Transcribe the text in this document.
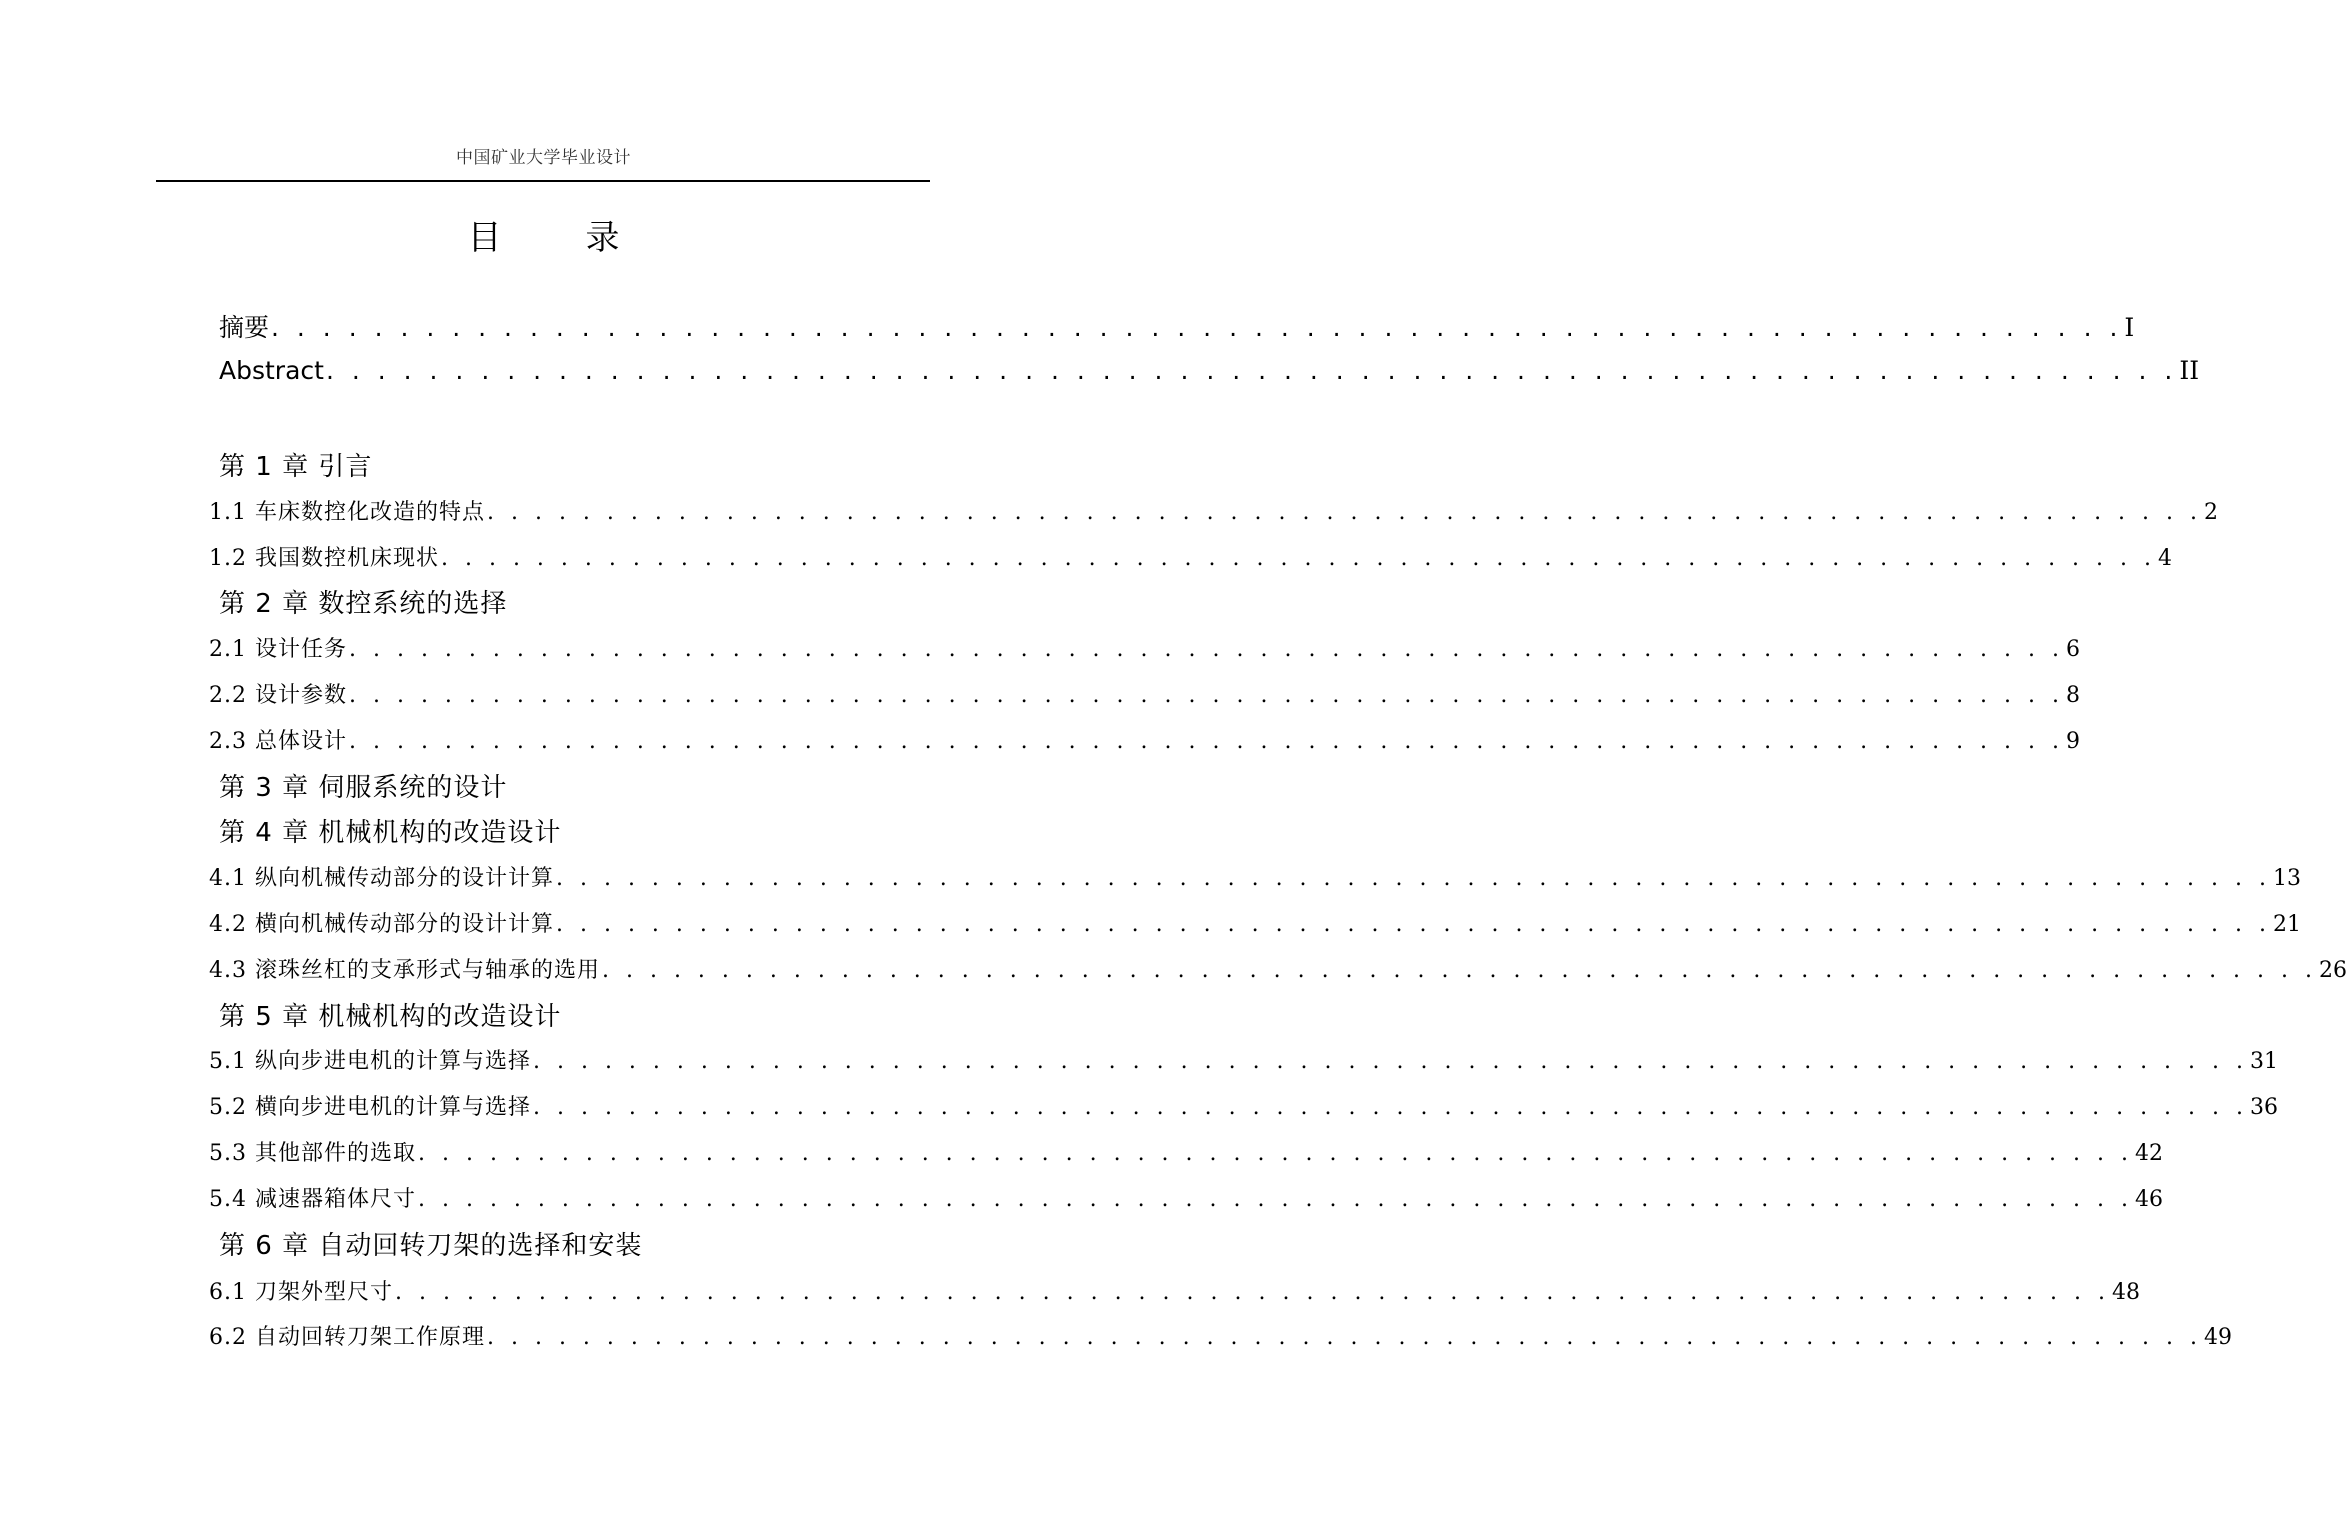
中国矿业大学毕业设计
目 录
摘要 . . . . . . . . . . . . . . . . . . . . . . . . . . . . . . . . . . . . . . . . . . . . . . . . . . . . . . . . . . . . . . . . . . . . . . . . I
Abstract . . . . . . . . . . . . . . . . . . . . . . . . . . . . . . . . . . . . . . . . . . . . . . . . . . . . . . . . . . . . . . . . . . . . . . . . II
第 1 章 引言
1.1 车床数控化改造的特点 . . . . . . . . . . . . . . . . . . . . . . . . . . . . . . . . . . . . . . . . . . . . . . . . . . . . . . . . . . . . . . . . . . . . . . . . 2
1.2 我国数控机床现状 . . . . . . . . . . . . . . . . . . . . . . . . . . . . . . . . . . . . . . . . . . . . . . . . . . . . . . . . . . . . . . . . . . . . . . . . 4
第 2 章 数控系统的选择
2.1 设计任务 . . . . . . . . . . . . . . . . . . . . . . . . . . . . . . . . . . . . . . . . . . . . . . . . . . . . . . . . . . . . . . . . . . . . . . . . 6
2.2 设计参数 . . . . . . . . . . . . . . . . . . . . . . . . . . . . . . . . . . . . . . . . . . . . . . . . . . . . . . . . . . . . . . . . . . . . . . . . 8
2.3 总体设计 . . . . . . . . . . . . . . . . . . . . . . . . . . . . . . . . . . . . . . . . . . . . . . . . . . . . . . . . . . . . . . . . . . . . . . . . 9
第 3 章 伺服系统的设计
第 4 章 机械机构的改造设计
4.1 纵向机械传动部分的设计计算 . . . . . . . . . . . . . . . . . . . . . . . . . . . . . . . . . . . . . . . . . . . . . . . . . . . . . . . . . . . . . . . . . . . . . . . . 13
4.2 横向机械传动部分的设计计算 . . . . . . . . . . . . . . . . . . . . . . . . . . . . . . . . . . . . . . . . . . . . . . . . . . . . . . . . . . . . . . . . . . . . . . . . 21
4.3 滚珠丝杠的支承形式与轴承的选用 . . . . . . . . . . . . . . . . . . . . . . . . . . . . . . . . . . . . . . . . . . . . . . . . . . . . . . . . . . . . . . . . . . . . . . . . 26
第 5 章 机械机构的改造设计
5.1 纵向步进电机的计算与选择 . . . . . . . . . . . . . . . . . . . . . . . . . . . . . . . . . . . . . . . . . . . . . . . . . . . . . . . . . . . . . . . . . . . . . . . . 31
5.2 横向步进电机的计算与选择 . . . . . . . . . . . . . . . . . . . . . . . . . . . . . . . . . . . . . . . . . . . . . . . . . . . . . . . . . . . . . . . . . . . . . . . . 36
5.3 其他部件的选取 . . . . . . . . . . . . . . . . . . . . . . . . . . . . . . . . . . . . . . . . . . . . . . . . . . . . . . . . . . . . . . . . . . . . . . . . 42
5.4 减速器箱体尺寸 . . . . . . . . . . . . . . . . . . . . . . . . . . . . . . . . . . . . . . . . . . . . . . . . . . . . . . . . . . . . . . . . . . . . . . . . 46
第 6 章 自动回转刀架的选择和安装
6.1 刀架外型尺寸 . . . . . . . . . . . . . . . . . . . . . . . . . . . . . . . . . . . . . . . . . . . . . . . . . . . . . . . . . . . . . . . . . . . . . . . . 48
6.2 自动回转刀架工作原理 . . . . . . . . . . . . . . . . . . . . . . . . . . . . . . . . . . . . . . . . . . . . . . . . . . . . . . . . . . . . . . . . . . . . . . . . 49
